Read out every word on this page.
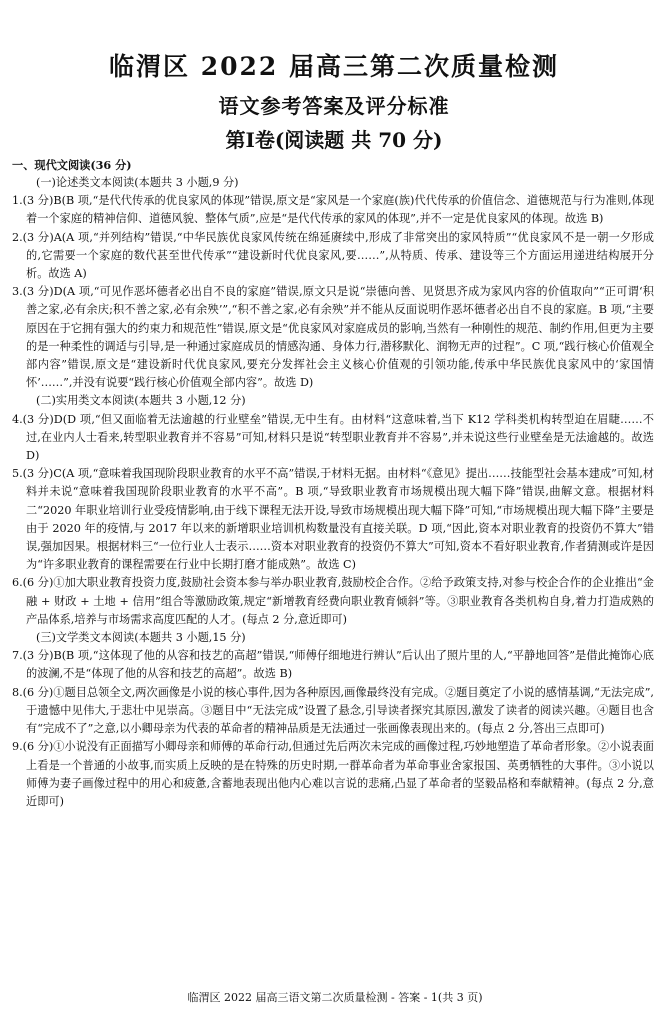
临渭区 2022 届高三第二次质量检测
语文参考答案及评分标准
第Ⅰ卷(阅读题 共 70 分)
一、现代文阅读(36 分)
(一)论述类文本阅读(本题共 3 小题,9 分)
1.(3 分)B(B 项,“是代代传承的优良家风的体现”错误,原文是“家风是一个家庭(族)代代传承的价值信念、道德规范与行为准则,体现着一个家庭的精神信仰、道德风貌、整体气质”,应是“是代代传承的家风的体现”,并不一定是优良家风的体现。故选 B)
2.(3 分)A(A 项,“并列结构”错误,“中华民族优良家风传统在绵延赓续中,形成了非常突出的家风特质”“优良家风不是一朝一夕形成的,它需要一个家庭的数代甚至世代传承”“建设新时代优良家风,要……”,从特质、传承、建设等三个方面运用递进结构展开分析。故选 A)
3.(3 分)D(A 项,“可见作恶坏德者必出自不良的家庭”错误,原文只是说“崇德向善、见贤思齐成为家风内容的价值取向”“正可谓‘积善之家,必有余庆;积不善之家,必有余殃’”,“积不善之家,必有余殃”并不能从反面说明作恶坏德者必出自不良的家庭。B 项,“主要原因在于它拥有强大的约束力和规范性”错误,原文是“优良家风对家庭成员的影响,当然有一种刚性的规范、制约作用,但更为主要的是一种柔性的调适与引导,是一种通过家庭成员的情感沟通、身体力行,潜移默化、润物无声的过程”。C 项,“践行核心价值观全部内容”错误,原文是“建设新时代优良家风,要充分发挥社会主义核心价值观的引领功能,传承中华民族优良家风中的‘家国情怀’……”,并没有说要“践行核心价值观全部内容”。故选 D)
(二)实用类文本阅读(本题共 3 小题,12 分)
4.(3 分)D(D 项,“但又面临着无法逾越的行业壁垒”错误,无中生有。由材料“这意味着,当下 K12 学科类机构转型迫在眉睫……不过,在业内人士看来,转型职业教育并不容易”可知,材料只是说“转型职业教育并不容易”,并未说这些行业壁垒是无法逾越的。故选 D)
5.(3 分)C(A 项,“意味着我国现阶段职业教育的水平不高”错误,于材料无据。由材料“《意见》提出……技能型社会基本建成”可知,材料并未说“意味着我国现阶段职业教育的水平不高”。B 项,“导致职业教育市场规模出现大幅下降”错误,曲解文意。根据材料二“2020 年职业培训行业受疫情影响,由于线下课程无法开设,导致市场规模出现大幅下降”可知,“市场规模出现大幅下降”主要是由于 2020 年的疫情,与 2017 年以来的新增职业培训机构数量没有直接关联。D 项,“因此,资本对职业教育的投资仍不算大”错误,强加因果。根据材料三“一位行业人士表示……资本对职业教育的投资仍不算大”可知,资本不看好职业教育,作者猜测或许是因为“许多职业教育的课程需要在行业中长期打磨才能成熟”。故选 C)
6.(6 分)①加大职业教育投资力度,鼓励社会资本参与举办职业教育,鼓励校企合作。②给予政策支持,对参与校企合作的企业推出“金融 + 财政 + 土地 + 信用”组合等激励政策,规定“新增教育经费向职业教育倾斜”等。③职业教育各类机构自身,着力打造成熟的产品体系,培养与市场需求高度匹配的人才。(每点 2 分,意近即可)
(三)文学类文本阅读(本题共 3 小题,15 分)
7.(3 分)B(B 项,“这体现了他的从容和技艺的高超”错误,“师傅仔细地进行辨认”后认出了照片里的人,“平静地回答”是借此掩饰心底的波澜,不是“体现了他的从容和技艺的高超”。故选 B)
8.(6 分)①题目总领全文,两次画像是小说的核心事件,因为各种原因,画像最终没有完成。②题目奠定了小说的感情基调,“无法完成”,于遗憾中见伟大,于悲壮中见崇高。③题目中“无法完成”设置了悬念,引导读者探究其原因,激发了读者的阅读兴趣。④题目也含有“完成不了”之意,以小卿母亲为代表的革命者的精神品质是无法通过一张画像表现出来的。(每点 2 分,答出三点即可)
9.(6 分)①小说没有正面描写小卿母亲和师傅的革命行动,但通过先后两次未完成的画像过程,巧妙地塑造了革命者形象。②小说表面上看是一个普通的小故事,而实质上反映的是在特殊的历史时期,一群革命者为革命事业舍家报国、英勇牺牲的大事件。③小说以师傅为妻子画像过程中的用心和疲惫,含蓄地表现出他内心难以言说的悲痛,凸显了革命者的坚毅品格和奉献精神。(每点 2 分,意近即可)
临渭区 2022 届高三语文第二次质量检测 - 答案 - 1(共 3 页)
